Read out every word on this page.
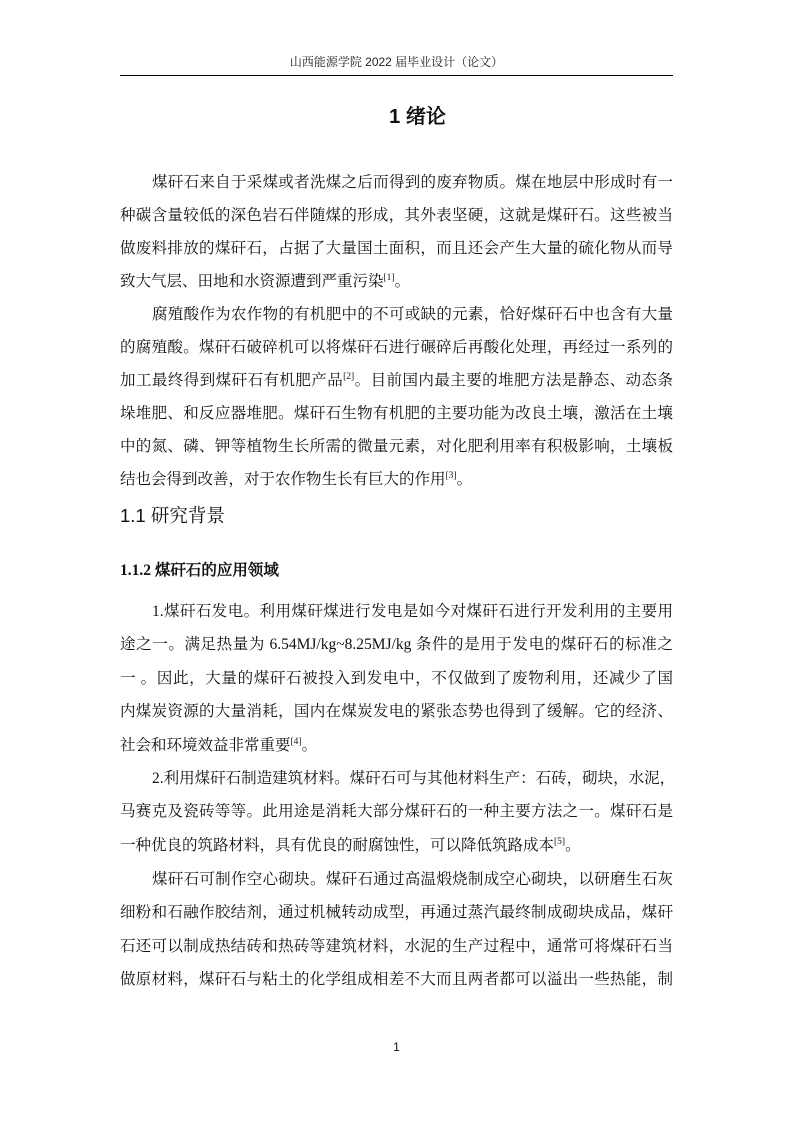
山西能源学院 2022 届毕业设计（论文）
1 绪论
煤矸石来自于采煤或者洗煤之后而得到的废弃物质。煤在地层中形成时有一
种碳含量较低的深色岩石伴随煤的形成，其外表坚硬，这就是煤矸石。这些被当
做废料排放的煤矸石，占据了大量国土面积，而且还会产生大量的硫化物从而导
致大气层、田地和水资源遭到严重污染[1]。
腐殖酸作为农作物的有机肥中的不可或缺的元素，恰好煤矸石中也含有大量
的腐殖酸。煤矸石破碎机可以将煤矸石进行碾碎后再酸化处理，再经过一系列的
加工最终得到煤矸石有机肥产品[2]。目前国内最主要的堆肥方法是静态、动态条
垛堆肥、和反应器堆肥。煤矸石生物有机肥的主要功能为改良土壤，激活在土壤
中的氮、磷、钾等植物生长所需的微量元素，对化肥利用率有积极影响，土壤板
结也会得到改善，对于农作物生长有巨大的作用[3]。
1.1 研究背景
1.1.2 煤矸石的应用领域
1.煤矸石发电。利用煤矸煤进行发电是如今对煤矸石进行开发利用的主要用
途之一。满足热量为 6.54MJ/kg~8.25MJ/kg 条件的是用于发电的煤矸石的标准之
一 。因此，大量的煤矸石被投入到发电中，不仅做到了废物利用，还减少了国
内煤炭资源的大量消耗，国内在煤炭发电的紧张态势也得到了缓解。它的经济、
社会和环境效益非常重要[4]。
2.利用煤矸石制造建筑材料。煤矸石可与其他材料生产：石砖，砌块，水泥，
马赛克及瓷砖等等。此用途是消耗大部分煤矸石的一种主要方法之一。煤矸石是
一种优良的筑路材料，具有优良的耐腐蚀性，可以降低筑路成本[5]。
煤矸石可制作空心砌块。煤矸石通过高温煅烧制成空心砌块，以研磨生石灰
细粉和石融作胶结剂，通过机械转动成型，再通过蒸汽最终制成砌块成品，煤矸
石还可以制成热结砖和热砖等建筑材料，水泥的生产过程中，通常可将煤矸石当
做原材料，煤矸石与粘土的化学组成相差不大而且两者都可以溢出一些热能，制
1
